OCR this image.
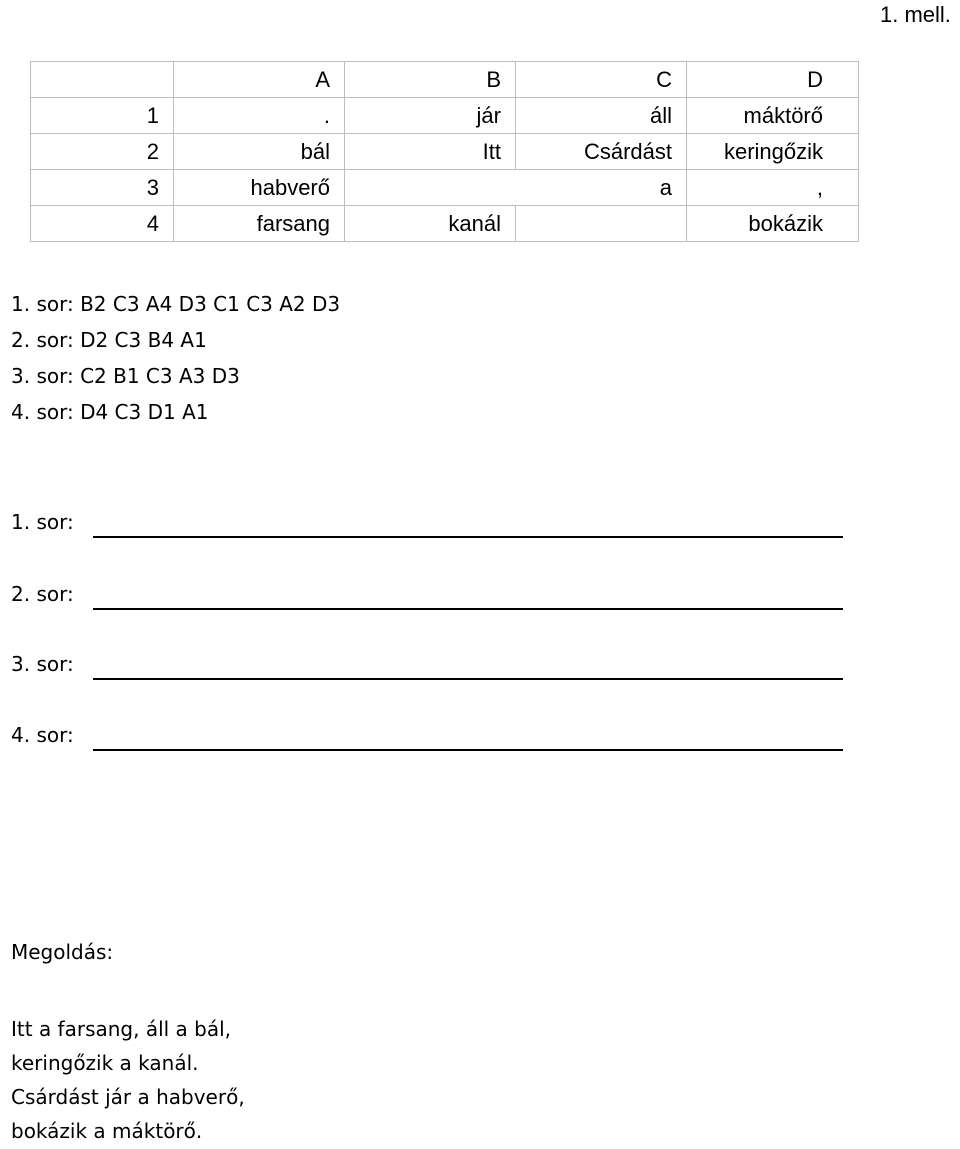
1. mell.
	A	B	C	D
1	.	jár	áll	máktörő
2	bál	Itt	Csárdást	keringőzik
3	habverő		a	,
4	farsang	kanál		bokázik
1. sor: B2 C3 A4 D3 C1 C3 A2 D3
2. sor: D2 C3 B4 A1
3. sor: C2 B1 C3 A3 D3
4. sor: D4 C3 D1 A1
1. sor:
2. sor:
3. sor:
4. sor:
Megoldás:
Itt a farsang, áll a bál,
keringőzik a kanál.
Csárdást jár a habverő,
bokázik a máktörő.
